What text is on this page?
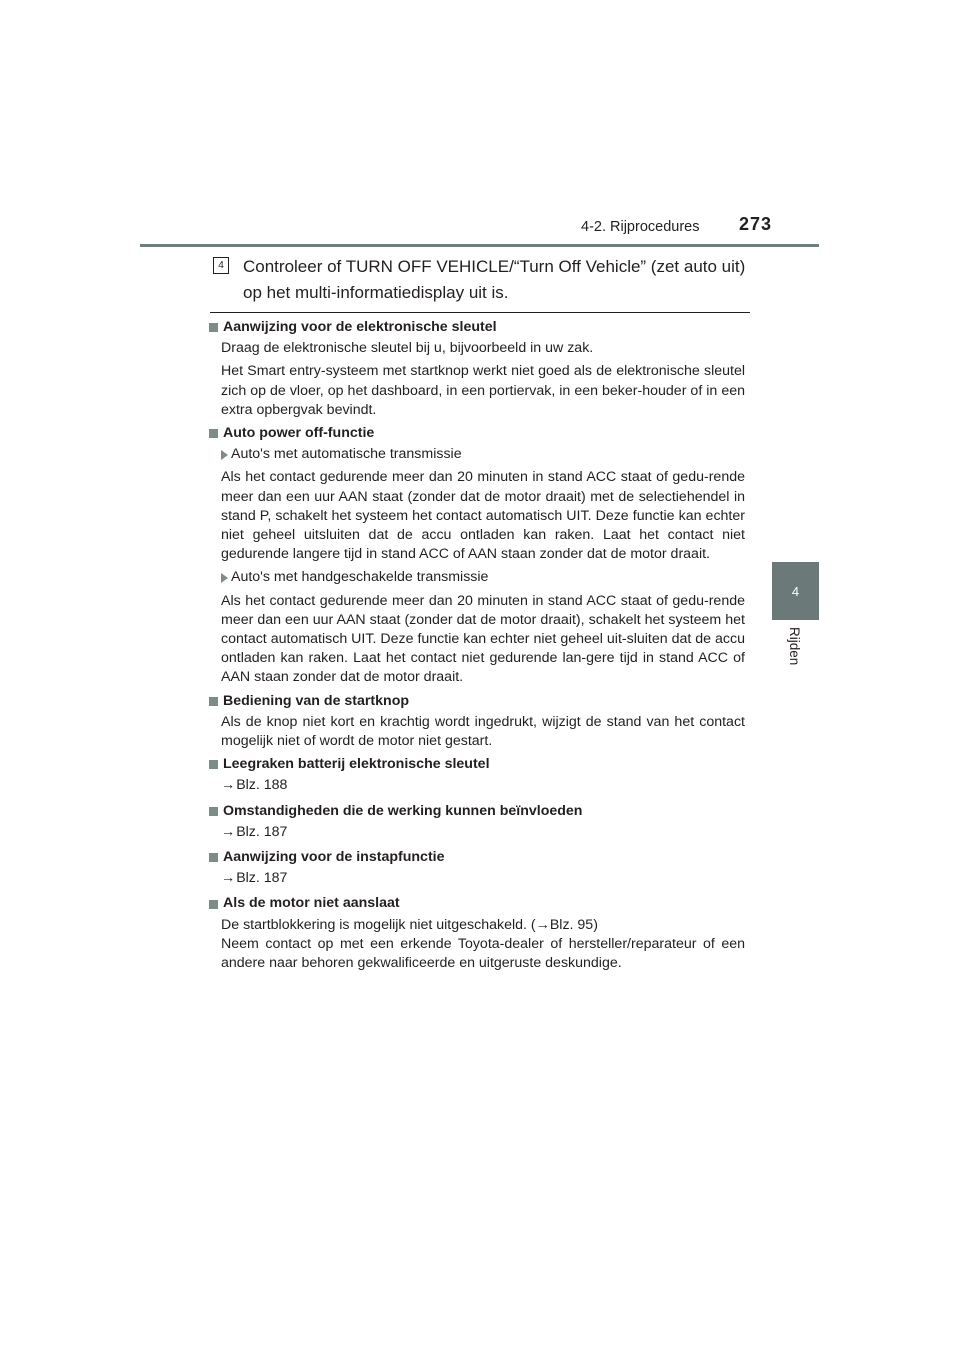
4-2. Rijprocedures 273
4
Rijden
4	Controleer of TURN OFF VEHICLE/“Turn Off Vehicle” (zet auto uit) op het multi-informatiedisplay uit is.
Aanwijzing voor de elektronische sleutel
Draag de elektronische sleutel bij u, bijvoorbeeld in uw zak.
Het Smart entry-systeem met startknop werkt niet goed als de elektronische sleutel zich op de vloer, op het dashboard, in een portiervak, in een beker-houder of in een extra opbergvak bevindt.
Auto power off-functie
Auto's met automatische transmissie
Als het contact gedurende meer dan 20 minuten in stand ACC staat of gedu-rende meer dan een uur AAN staat (zonder dat de motor draait) met de selectiehendel in stand P, schakelt het systeem het contact automatisch UIT. Deze functie kan echter niet geheel uitsluiten dat de accu ontladen kan raken. Laat het contact niet gedurende langere tijd in stand ACC of AAN staan zonder dat de motor draait.
Auto's met handgeschakelde transmissie
Als het contact gedurende meer dan 20 minuten in stand ACC staat of gedu-rende meer dan een uur AAN staat (zonder dat de motor draait), schakelt het systeem het contact automatisch UIT. Deze functie kan echter niet geheel uit-sluiten dat de accu ontladen kan raken. Laat het contact niet gedurende lan-gere tijd in stand ACC of AAN staan zonder dat de motor draait.
Bediening van de startknop
Als de knop niet kort en krachtig wordt ingedrukt, wijzigt de stand van het contact mogelijk niet of wordt de motor niet gestart.
Leegraken batterij elektronische sleutel
→Blz. 188
Omstandigheden die de werking kunnen beïnvloeden
→Blz. 187
Aanwijzing voor de instapfunctie
→Blz. 187
Als de motor niet aanslaat
De startblokkering is mogelijk niet uitgeschakeld. (→Blz. 95)
Neem contact op met een erkende Toyota-dealer of hersteller/reparateur of een andere naar behoren gekwalificeerde en uitgeruste deskundige.
